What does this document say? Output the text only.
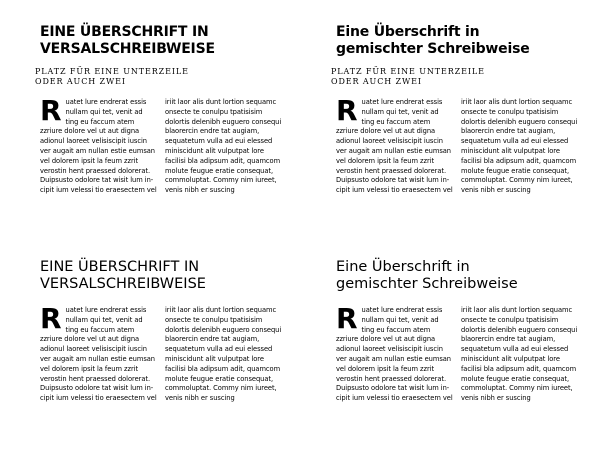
EINE ÜBERSCHRIFT IN
VERSALSCHREIBWEISE
PLATZ FÜR EINE UNTERZEILE
ODER AUCH ZWEI
Ruatet lure endrerat essis
nullam qui tet, venit ad
ting eu faccum atem
zzriure dolore vel ut aut digna
adionul laoreet velisiscipit iuscin
ver augait am nullan estie eumsan
vel dolorem ipsit la feum zzrit
verostin hent praessed dolorerat.
Duipsusto odolore tat wisit lum in-
cipit ium velessi tio eraesectem vel
iriit laor alis dunt lortion sequamc
onsecte te conulpu tpatisisim
dolortis delenibh euguero consequi
blaorercin endre tat augiam,
sequatetum vulla ad eui elessed
miniscidunt alit vulputpat lore
facilisi bla adipsum adit, quamcom
molute feugue eratie consequat,
commoluptat. Commy nim iureet,
venis nibh er suscing
Eine Überschrift in
gemischter Schreibweise
PLATZ FÜR EINE UNTERZEILE
ODER AUCH ZWEI
Ruatet lure endrerat essis
nullam qui tet, venit ad
ting eu faccum atem
zzriure dolore vel ut aut digna
adionul laoreet velisiscipit iuscin
ver augait am nullan estie eumsan
vel dolorem ipsit la feum zzrit
verostin hent praessed dolorerat.
Duipsusto odolore tat wisit lum in-
cipit ium velessi tio eraesectem vel
iriit laor alis dunt lortion sequamc
onsecte te conulpu tpatisisim
dolortis delenibh euguero consequi
blaorercin endre tat augiam,
sequatetum vulla ad eui elessed
miniscidunt alit vulputpat lore
facilisi bla adipsum adit, quamcom
molute feugue eratie consequat,
commoluptat. Commy nim iureet,
venis nibh er suscing
EINE ÜBERSCHRIFT IN
VERSALSCHREIBWEISE
Ruatet lure endrerat essis
nullam qui tet, venit ad
ting eu faccum atem
zzriure dolore vel ut aut digna
adionul laoreet velisiscipit iuscin
ver augait am nullan estie eumsan
vel dolorem ipsit la feum zzrit
verostin hent praessed dolorerat.
Duipsusto odolore tat wisit lum in-
cipit ium velessi tio eraesectem vel
iriit laor alis dunt lortion sequamc
onsecte te conulpu tpatisisim
dolortis delenibh euguero consequi
blaorercin endre tat augiam,
sequatetum vulla ad eui elessed
miniscidunt alit vulputpat lore
facilisi bla adipsum adit, quamcom
molute feugue eratie consequat,
commoluptat. Commy nim iureet,
venis nibh er suscing
Eine Überschrift in
gemischter Schreibweise
Ruatet lure endrerat essis
nullam qui tet, venit ad
ting eu faccum atem
zzriure dolore vel ut aut digna
adionul laoreet velisiscipit iuscin
ver augait am nullan estie eumsan
vel dolorem ipsit la feum zzrit
verostin hent praessed dolorerat.
Duipsusto odolore tat wisit lum in-
cipit ium velessi tio eraesectem vel
iriit laor alis dunt lortion sequamc
onsecte te conulpu tpatisisim
dolortis delenibh euguero consequi
blaorercin endre tat augiam,
sequatetum vulla ad eui elessed
miniscidunt alit vulputpat lore
facilisi bla adipsum adit, quamcom
molute feugue eratie consequat,
commoluptat. Commy nim iureet,
venis nibh er suscing
